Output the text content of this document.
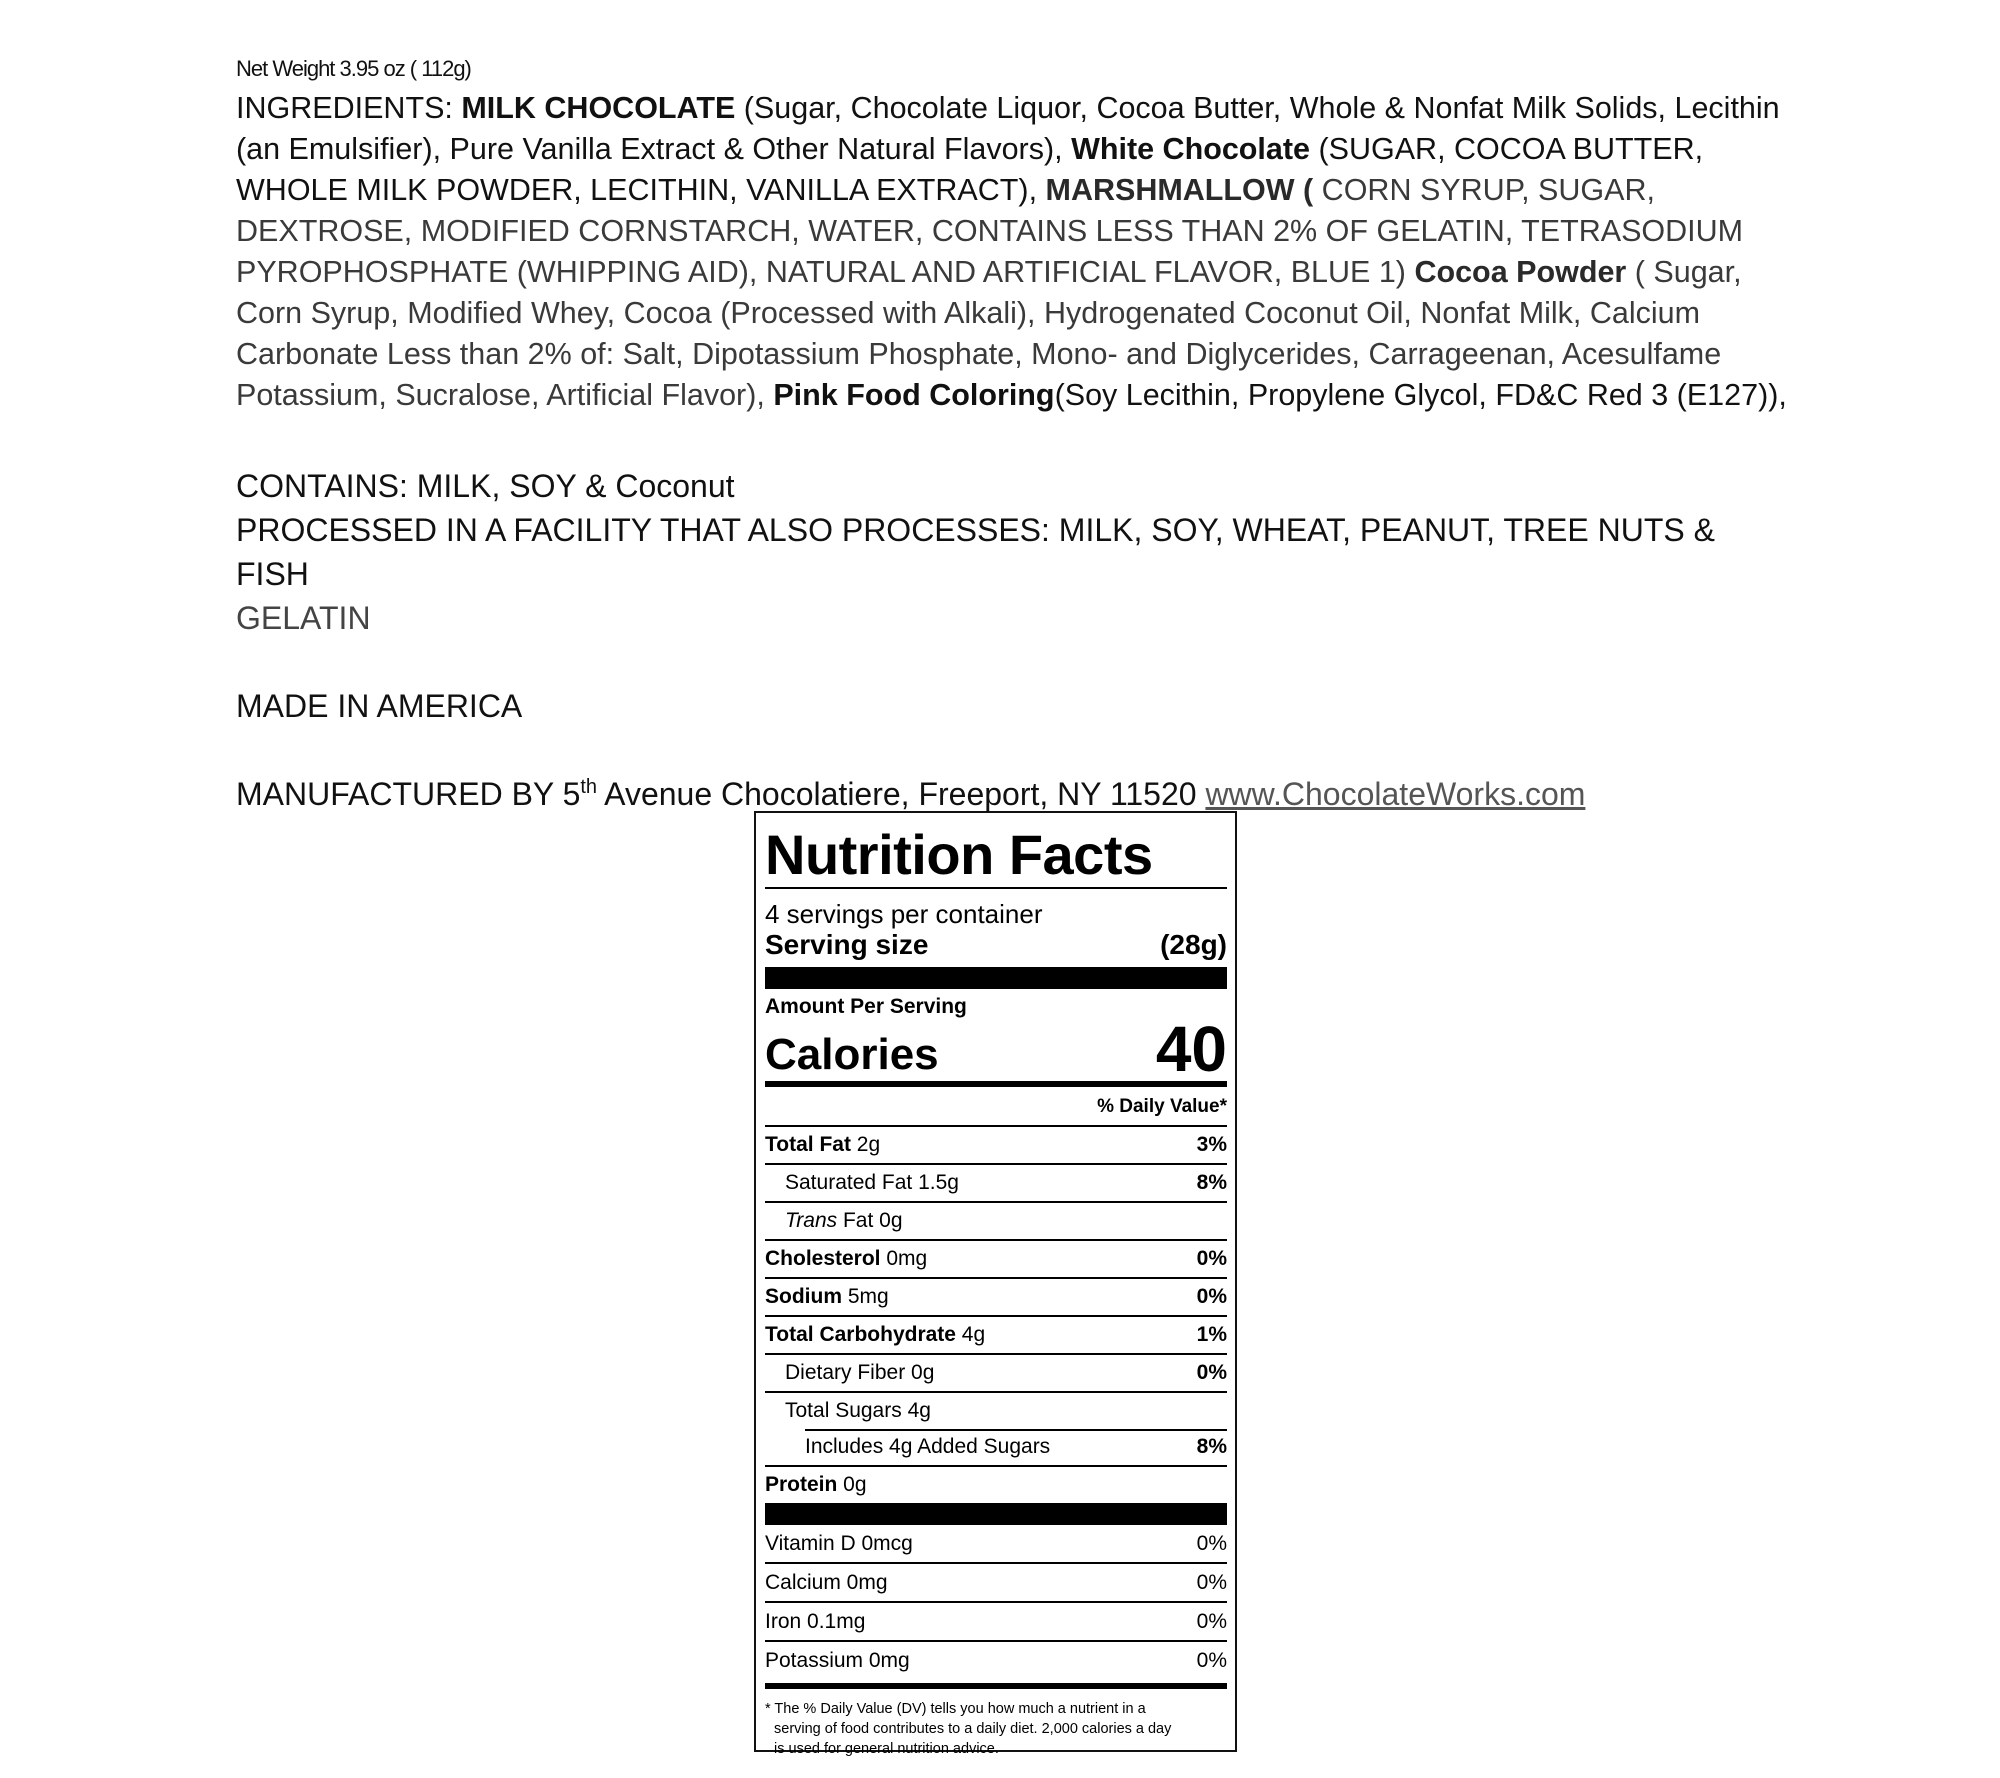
Net Weight 3.95 oz ( 112g)

INGREDIENTS: MILK CHOCOLATE (Sugar, Chocolate Liquor, Cocoa Butter, Whole & Nonfat Milk Solids, Lecithin (an Emulsifier), Pure Vanilla Extract & Other Natural Flavors), White Chocolate (SUGAR, COCOA BUTTER, WHOLE MILK POWDER, LECITHIN, VANILLA EXTRACT), MARSHMALLOW ( CORN SYRUP, SUGAR, DEXTROSE, MODIFIED CORNSTARCH, WATER, CONTAINS LESS THAN 2% OF GELATIN, TETRASODIUM PYROPHOSPHATE (WHIPPING AID), NATURAL AND ARTIFICIAL FLAVOR, BLUE 1) Cocoa Powder ( Sugar, Corn Syrup, Modified Whey, Cocoa (Processed with Alkali), Hydrogenated Coconut Oil, Nonfat Milk, Calcium Carbonate Less than 2% of: Salt, Dipotassium Phosphate, Mono- and Diglycerides, Carrageenan, Acesulfame Potassium, Sucralose, Artificial Flavor), Pink Food Coloring(Soy Lecithin, Propylene Glycol, FD&C Red 3 (E127)),

CONTAINS: MILK, SOY & Coconut
PROCESSED IN A FACILITY THAT ALSO PROCESSES: MILK, SOY, WHEAT, PEANUT, TREE NUTS & FISH
GELATIN
MADE IN AMERICA
MANUFACTURED BY 5th Avenue Chocolatiere, Freeport, NY 11520 www.ChocolateWorks.com
Nutrition Facts
4 servings per container
Serving size	(28g)
Amount Per Serving
Calories	40
% Daily Value*
Total Fat 2g	3%
Saturated Fat 1.5g	8%
Trans Fat 0g
Cholesterol 0mg	0%
Sodium 5mg	0%
Total Carbohydrate 4g	1%
Dietary Fiber 0g	0%
Total Sugars 4g
Includes 4g Added Sugars	8%
Protein 0g
Vitamin D 0mcg	0%
Calcium 0mg	0%
Iron 0.1mg	0%
Potassium 0mg	0%
* The % Daily Value (DV) tells you how much a nutrient in a
serving of food contributes to a daily diet. 2,000 calories a day
is used for general nutrition advice.
